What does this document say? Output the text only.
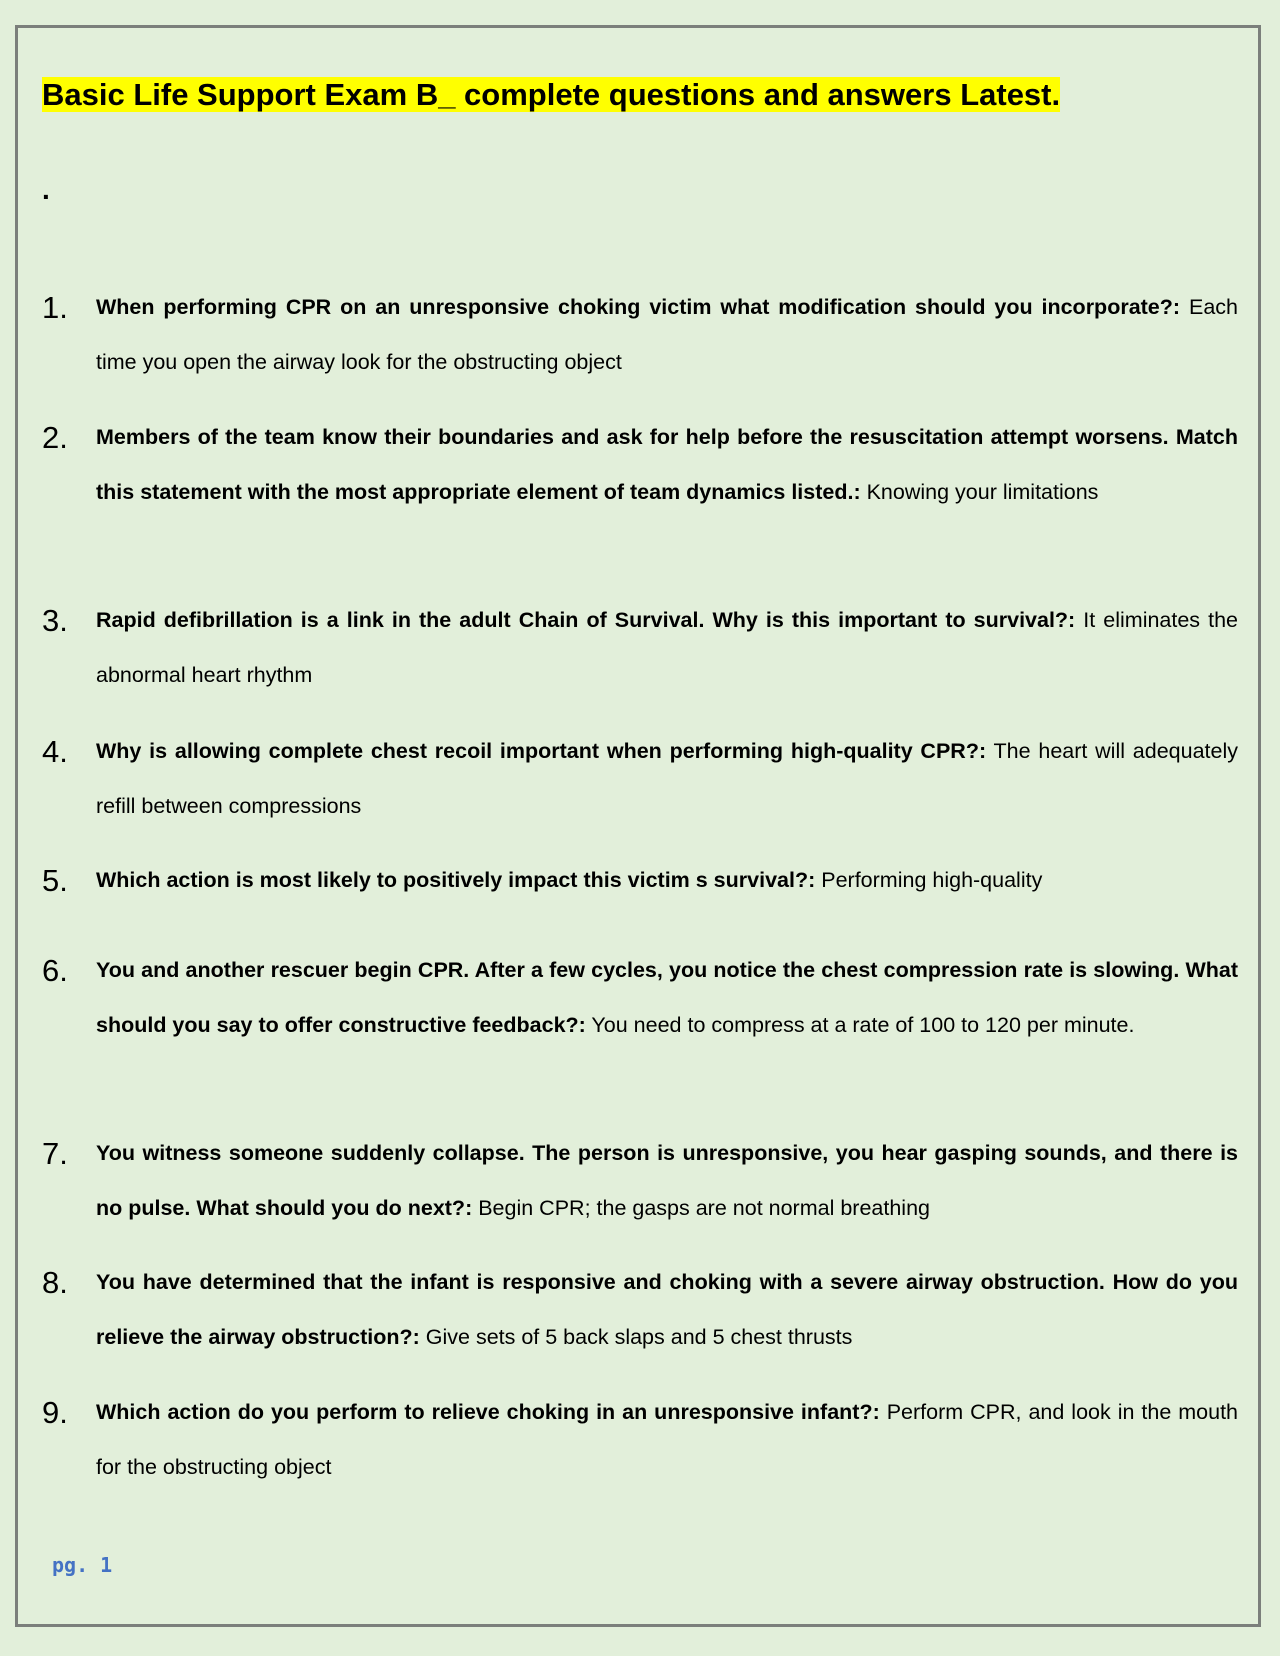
Basic Life Support Exam B_ complete questions and answers Latest.
.
1.	When performing CPR on an unresponsive choking victim what modification should you incorporate?: Each time you open the airway look for the obstructing object

2.	Members of the team know their boundaries and ask for help before the resuscitation attempt worsens. Match this statement with the most appropriate element of team dynamics listed.: Knowing your limitations

3.	Rapid defibrillation is a link in the adult Chain of Survival. Why is this important to survival?: It eliminates the abnormal heart rhythm

4.	Why is allowing complete chest recoil important when performing high-quality CPR?: The heart will adequately refill between compressions

5.	Which action is most likely to positively impact this victim s survival?: Performing high-quality

6.	You and another rescuer begin CPR. After a few cycles, you notice the chest compression rate is slowing. What should you say to offer constructive feedback?: You need to compress at a rate of 100 to 120 per minute.

7.	You witness someone suddenly collapse. The person is unresponsive, you hear gasping sounds, and there is no pulse. What should you do next?: Begin CPR; the gasps are not normal breathing

8.	You have determined that the infant is responsive and choking with a severe airway obstruction. How do you relieve the airway obstruction?: Give sets of 5 back slaps and 5 chest thrusts

9.	Which action do you perform to relieve choking in an unresponsive infant?: Perform CPR, and look in the mouth for the obstructing object

pg. 1
